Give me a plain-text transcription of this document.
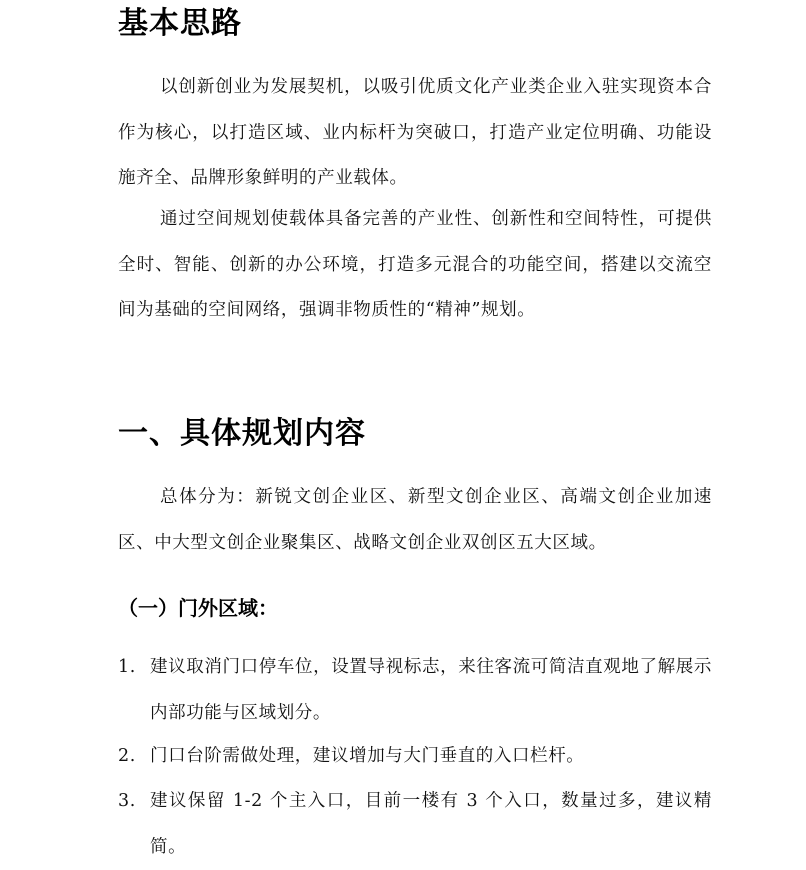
基本思路

以创新创业为发展契机，以吸引优质文化产业类企业入驻实现资本合作为核心，以打造区域、业内标杆为突破口，打造产业定位明确、功能设施齐全、品牌形象鲜明的产业载体。

通过空间规划使载体具备完善的产业性、创新性和空间特性，可提供全时、智能、创新的办公环境，打造多元混合的功能空间，搭建以交流空间为基础的空间网络，强调非物质性的“精神”规划。

一、具体规划内容

总体分为：新锐文创企业区、新型文创企业区、高端文创企业加速区、中大型文创企业聚集区、战略文创企业双创区五大区域。

（一）门外区域：
1. 建议取消门口停车位，设置导视标志，来往客流可简洁直观地了解展示内部功能与区域划分。
2. 门口台阶需做处理，建议增加与大门垂直的入口栏杆。
3. 建议保留 1-2 个主入口，目前一楼有 3 个入口，数量过多，建议精简。
